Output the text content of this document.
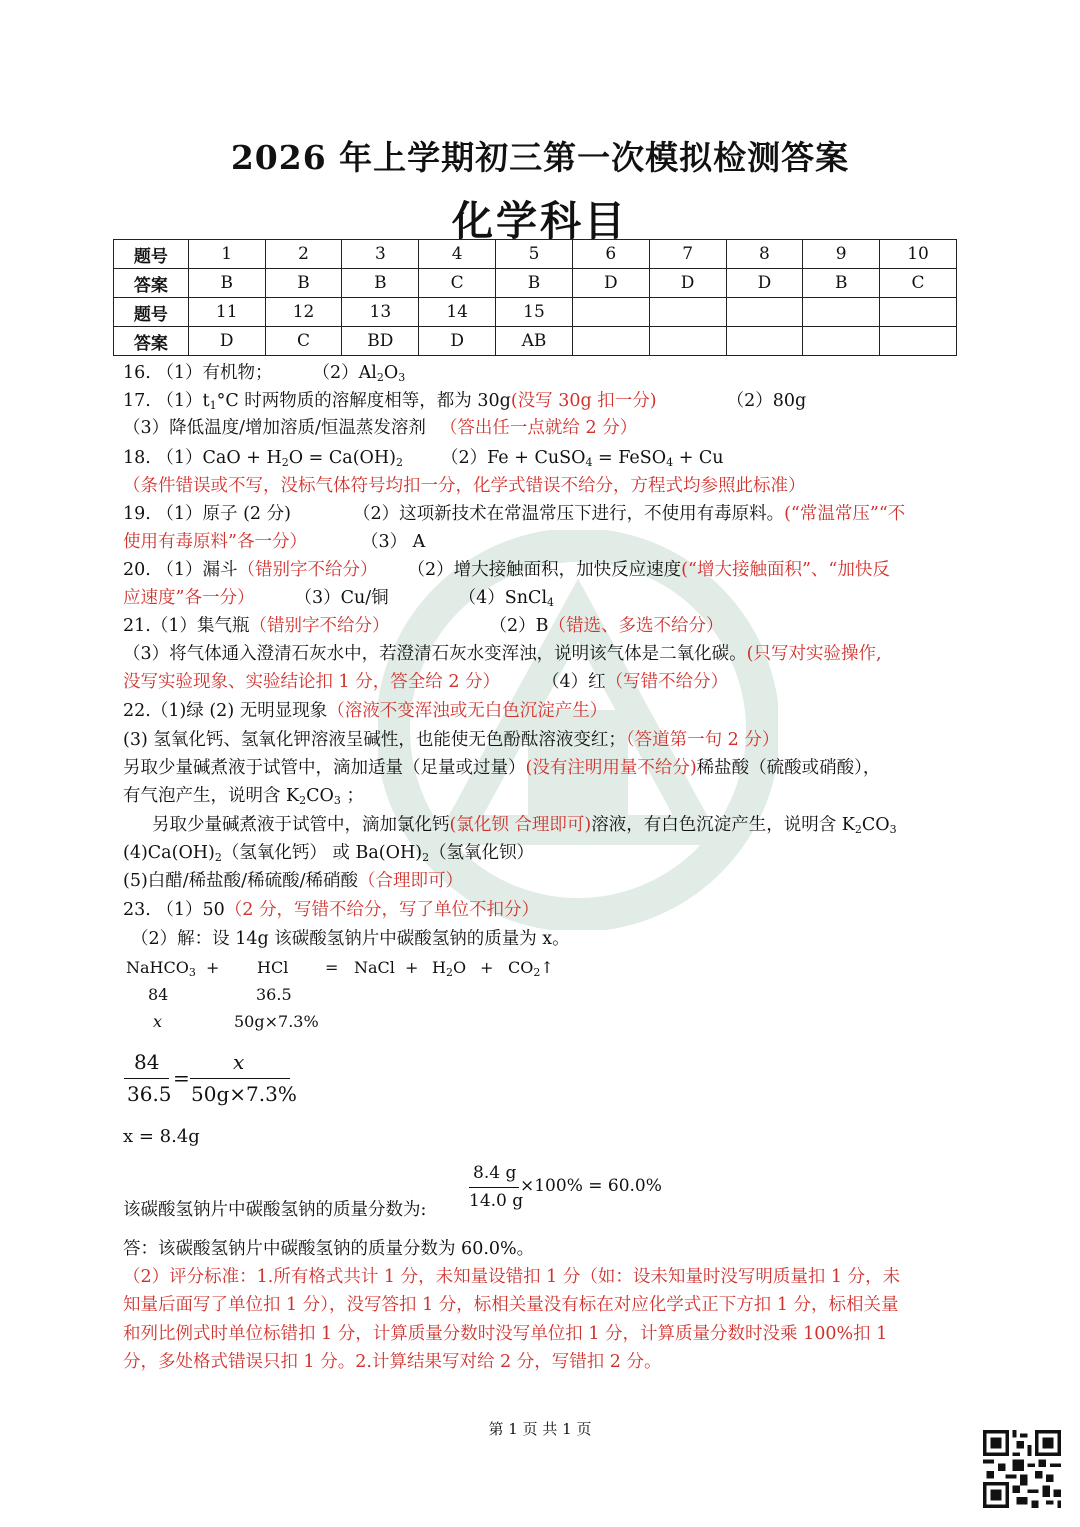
2026 年上学期初三第一次模拟检测答案
化学科目
题号	1	2	3	4	5	6	7	8	9	10
答案	B	B	B	C	B	D	D	D	B	C
题号	11	12	13	14	15					
答案	D	C	BD	D	AB					
16. （1）有机物； $(2)Al_2O_3$
17. $(1)t_1^\circ C$ 时两物质的溶解度相等，都为 30g(没写 30g 扣一分)	（2）80g
（3）降低温度/增加溶质/恒温蒸发溶剂 （答出任一点就给 2 分）
18. $(1)CaO + H_2O = Ca(OH)_2$ （2）Fe + CuSO$_4$ = FeSO$_4$ + Cu
（条件错误或不写，没标气体符号均扣一分，化学式错误不给分，方程式均参照此标准）
19. （1）原子 (2 分)	（2）这项新技术在常温常压下进行，不使用有毒原料。(“常温常压”“不
使用有毒原料”各一分）	（3） A
20. （1）漏斗（错别字不给分） （2）增大接触面积，加快反应速度(“增大接触面积”、“加快反
应速度”各一分） （3）Cu/铜	（4）SnCl$_4$
21.（1）集气瓶（错别字不给分）	（2）B（错选、多选不给分）
（3）将气体通入澄清石灰水中，若澄清石灰水变浑浊，说明该气体是二氧化碳。(只写对实验操作,
没写实验现象、实验结论扣 1 分，答全给 2 分） （4）红（写错不给分）
22.（1)绿 (2) 无明显现象（溶液不变浑浊或无白色沉淀产生）
(3) 氢氧化钙、氢氧化钾溶液呈碱性，也能使无色酚酞溶液变红；（答道第一句 2 分）
另取少量碱煮液于试管中，滴加适量（足量或过量）(没有注明用量不给分)稀盐酸（硫酸或硝酸），
有气泡产生，说明含 $K_2CO_3$ ；
另取少量碱煮液于试管中，滴加氯化钙(氯化钡 合理即可)溶液，有白色沉淀产生，说明含 $K_2CO_3$
$(4)Ca(OH)_2$（氢氧化钙） 或 $Ba(OH)_2$（氢氧化钡）
(5)白醋/稀盐酸/稀硫酸/稀硝酸（合理即可）
23. （1）50（2 分，写错不给分，写了单位不扣分）
（2）解：设 14g 该碳酸氢钠片中碳酸氢钠的质量为 x。
NaHCO$_3$ + HCl = NaCl + $H_2O$ + $CO_2↑$
84	36.5
x	50g×7.3%
84
36.5
=
x
50g×7.3%
x = 8.4g
该碳酸氢钠片中碳酸氢钠的质量分数为:
8.4 g
14.0 g
×100% = 60.0%
答：该碳酸氢钠片中碳酸氢钠的质量分数为 60.0%。
（2）评分标准：1.所有格式共计 1 分，未知量设错扣 1 分（如：设未知量时没写明质量扣 1 分，未
知量后面写了单位扣 1 分），没写答扣 1 分，标相关量没有标在对应化学式正下方扣 1 分，标相关量
和列比例式时单位标错扣 1 分，计算质量分数时没写单位扣 1 分，计算质量分数时没乘 100%扣 1
分，多处格式错误只扣 1 分。2.计算结果写对给 2 分，写错扣 2 分。
第 1 页 共 1 页
